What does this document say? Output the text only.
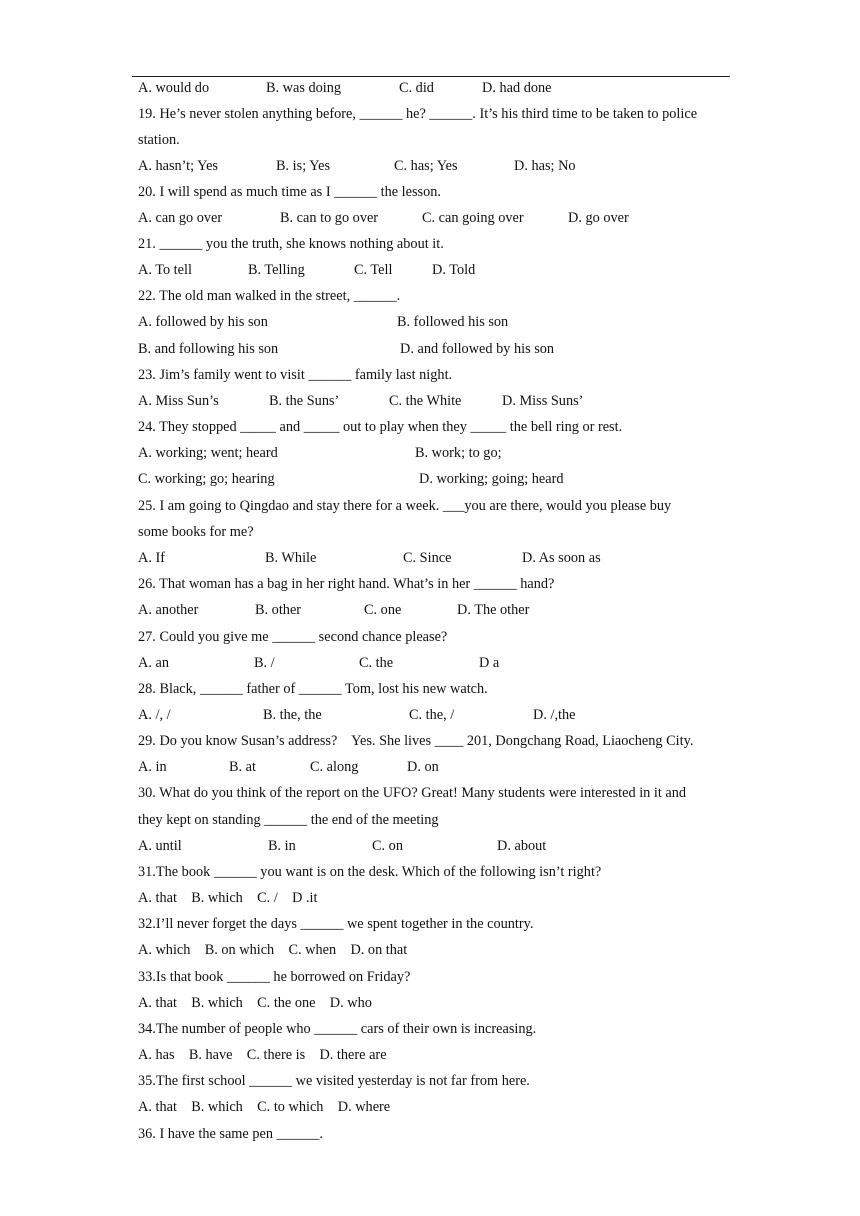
A. would do

	B. was doing

	C. did

	D. had done

19. He’s never stolen anything before, ______ he? ______. It’s his third time to be taken to police
station.

A. hasn’t; Yes

	B. is; Yes

	C. has; Yes

	D. has; No

20. I will spend as much time as I ______ the lesson.

A. can go over

	B. can to go over

	C. can going over

	D. go over

21. ______ you the truth, she knows nothing about it.

A. To tell

	B. Telling

	C. Tell

	D. Told

22. The old man walked in the street, ______.

A. followed by his son

	B. followed his son

B. and following his son

	D. and followed by his son

23. Jim’s family went to visit ______ family last night.

A. Miss Sun’s

	B. the Suns’

	C. the White

	D. Miss Suns’

24. They stopped _____ and _____ out to play when they _____ the bell ring or rest.

A. working; went; heard

	B. work; to go;

C. working; go; hearing

	D. working; going; heard

25. I am going to Qingdao and stay there for a week. ___you are there, would you please buy
some books for me?

A. If

	B. While

	C. Since

	D. As soon as

26. That woman has a bag in her right hand. What’s in her ______ hand?

A. another

	B. other

	C. one

	D. The other

27. Could you give me ______ second chance please?

A. an

	B. /

	C. the

	D a

28. Black, ______ father of ______ Tom, lost his new watch.

A. /, /

	B. the, the

	C. the, /

	D. /,the

29. Do you know Susan’s address?    Yes. She lives ____ 201, Dongchang Road, Liaocheng City.

A. in

	B. at

	C. along

	D. on

30. What do you think of the report on the UFO? Great! Many students were interested in it and
they kept on standing ______ the end of the meeting

A. until

	B. in

	C. on

	D. about

31.The book ______ you want is on the desk. Which of the following isn’t right?
A. that    B. which    C. /    D .it
32.I’ll never forget the days ______ we spent together in the country.
A. which    B. on which    C. when    D. on that
33.Is that book ______ he borrowed on Friday?
A. that    B. which    C. the one    D. who
34.The number of people who ______ cars of their own is increasing.
A. has    B. have    C. there is    D. there are
35.The first school ______ we visited yesterday is not far from here.
A. that    B. which    C. to which    D. where
36. I have the same pen ______.
